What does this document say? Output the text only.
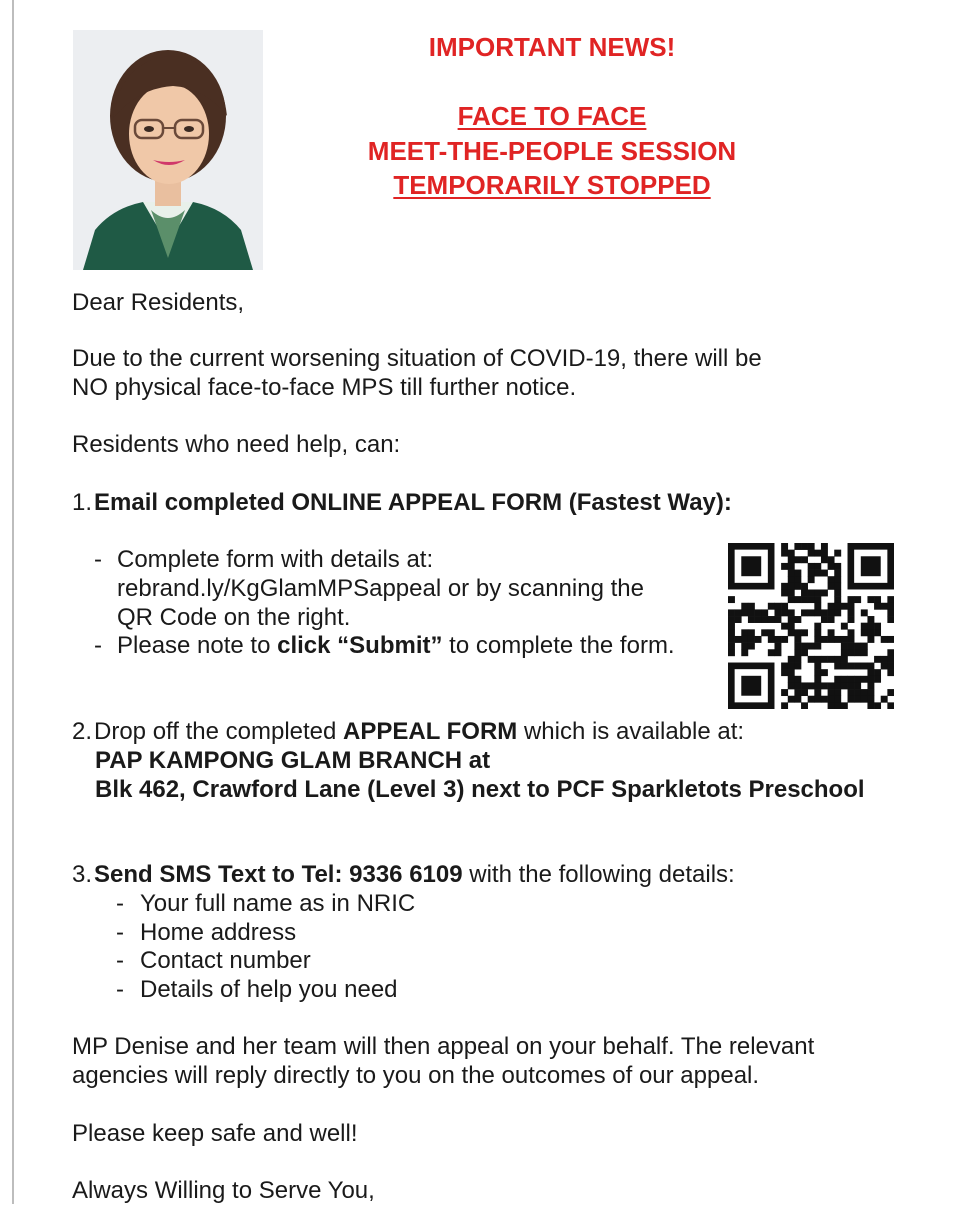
IMPORTANT NEWS!
FACE TO FACE
MEET-THE-PEOPLE SESSION
TEMPORARILY STOPPED
Dear Residents,
Due to the current worsening situation of COVID-19, there will be
NO physical face-to-face MPS till further notice.
Residents who need help, can:
1.Email completed ONLINE APPEAL FORM (Fastest Way):
- Complete form with details at:
rebrand.ly/KgGlamMPSappeal or by scanning the
QR Code on the right.
- Please note to click “Submit” to complete the form.
2.Drop off the completed APPEAL FORM which is available at:
PAP KAMPONG GLAM BRANCH at
Blk 462, Crawford Lane (Level 3) next to PCF Sparkletots Preschool
3.Send SMS Text to Tel: 9336 6109 with the following details:
- Your full name as in NRIC
- Home address
- Contact number
- Details of help you need
MP Denise and her team will then appeal on your behalf. The relevant
agencies will reply directly to you on the outcomes of our appeal.
Please keep safe and well!
Always Willing to Serve You,
